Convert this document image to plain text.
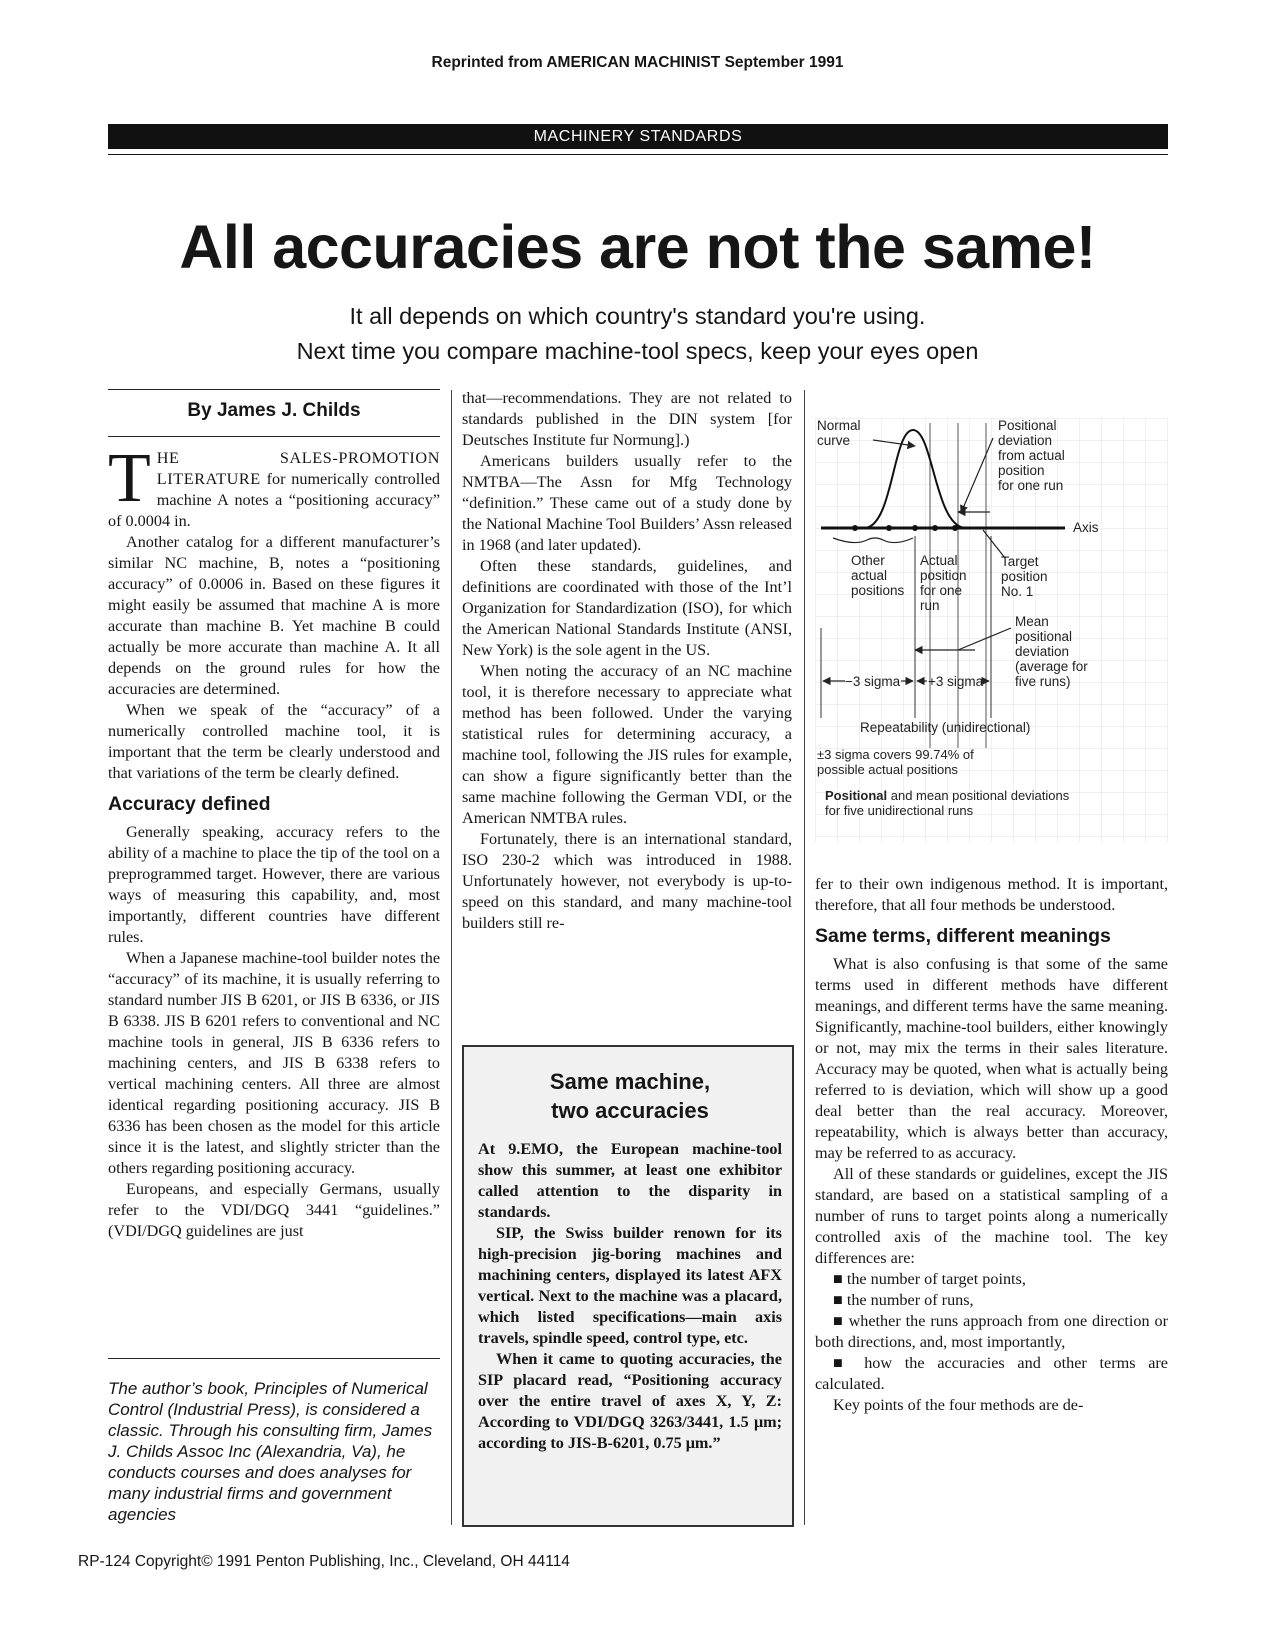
Reprinted from AMERICAN MACHINIST September 1991
MACHINERY STANDARDS
All accuracies are not the same!
It all depends on which country's standard you're using.
Next time you compare machine-tool specs, keep your eyes open
By James J. Childs

THE SALES-PROMOTION LITERATURE for numerically controlled machine A notes a “positioning accuracy” of 0.0004 in.

Another catalog for a different manufacturer’s similar NC machine, B, notes a “positioning accuracy” of 0.0006 in. Based on these figures it might easily be assumed that machine A is more accurate than machine B. Yet machine B could actually be more accurate than machine A. It all depends on the ground rules for how the accuracies are determined.

When we speak of the “accuracy” of a numerically controlled machine tool, it is important that the term be clearly understood and that variations of the term be clearly defined.

Accuracy defined

Generally speaking, accuracy refers to the ability of a machine to place the tip of the tool on a preprogrammed target. However, there are various ways of measuring this capability, and, most importantly, different countries have different rules.

When a Japanese machine-tool builder notes the “accuracy” of its machine, it is usually referring to standard number JIS B 6201, or JIS B 6336, or JIS B 6338. JIS B 6201 refers to conventional and NC machine tools in general, JIS B 6336 refers to machining centers, and JIS B 6338 refers to vertical machining centers. All three are almost identical regarding positioning accuracy. JIS B 6336 has been chosen as the model for this article since it is the latest, and slightly stricter than the others regarding positioning accuracy.

Europeans, and especially Germans, usually refer to the VDI/DGQ 3441 “guidelines.” (VDI/DGQ guidelines are just

The author’s book, Principles of Numerical Control (Industrial Press), is considered a classic. Through his consulting firm, James J. Childs Assoc Inc (Alexandria, Va), he conducts courses and does analyses for many industrial firms and government agencies

that—recommendations. They are not related to standards published in the DIN system [for Deutsches Institute fur Normung].)

Americans builders usually refer to the NMTBA—The Assn for Mfg Technology “definition.” These came out of a study done by the National Machine Tool Builders’ Assn released in 1968 (and later updated).

Often these standards, guidelines, and definitions are coordinated with those of the Int’l Organization for Standardization (ISO), for which the American National Standards Institute (ANSI, New York) is the sole agent in the US.

When noting the accuracy of an NC machine tool, it is therefore necessary to appreciate what method has been followed. Under the varying statistical rules for determining accuracy, a machine tool, following the JIS rules for example, can show a figure significantly better than the same machine following the German VDI, or the American NMTBA rules.

Fortunately, there is an international standard, ISO 230-2 which was introduced in 1988. Unfortunately however, not everybody is up-to-speed on this standard, and many machine-tool builders still re-

Same machine,
two accuracies

At 9.EMO, the European machine-tool show this summer, at least one exhibitor called attention to the disparity in standards.

SIP, the Swiss builder renown for its high-precision jig-boring machines and machining centers, displayed its latest AFX vertical. Next to the machine was a placard, which listed specifications—main axis travels, spindle speed, control type, etc.

When it came to quoting accuracies, the SIP placard read, “Positioning accuracy over the entire travel of axes X, Y, Z: According to VDI/DGQ 3263/3441, 1.5 μm; according to JIS-B-6201, 0.75 μm.”

Normal
curve
Positional
deviation
from actual
position
for one run
Axis
Other
actual
positions
Actual
position
for one
run
Target
position
No. 1
Mean
positional
deviation
(average for
five runs)
−3 sigma +3 sigma
Repeatability (unidirectional)
±3 sigma covers 99.74% of
possible actual positions
Positional and mean positional deviations
for five unidirectional runs

fer to their own indigenous method. It is important, therefore, that all four methods be understood.

Same terms, different meanings

What is also confusing is that some of the same terms used in different methods have different meanings, and different terms have the same meaning. Significantly, machine-tool builders, either knowingly or not, may mix the terms in their sales literature. Accuracy may be quoted, when what is actually being referred to is deviation, which will show up a good deal better than the real accuracy. Moreover, repeatability, which is always better than accuracy, may be referred to as accuracy.

All of these standards or guidelines, except the JIS standard, are based on a statistical sampling of a number of runs to target points along a numerically controlled axis of the machine tool. The key differences are:

■ the number of target points,

■ the number of runs,

■ whether the runs approach from one direction or both directions, and, most importantly,

■ how the accuracies and other terms are calculated.

Key points of the four methods are de-

RP-124 Copyright© 1991 Penton Publishing, Inc., Cleveland, OH 44114
